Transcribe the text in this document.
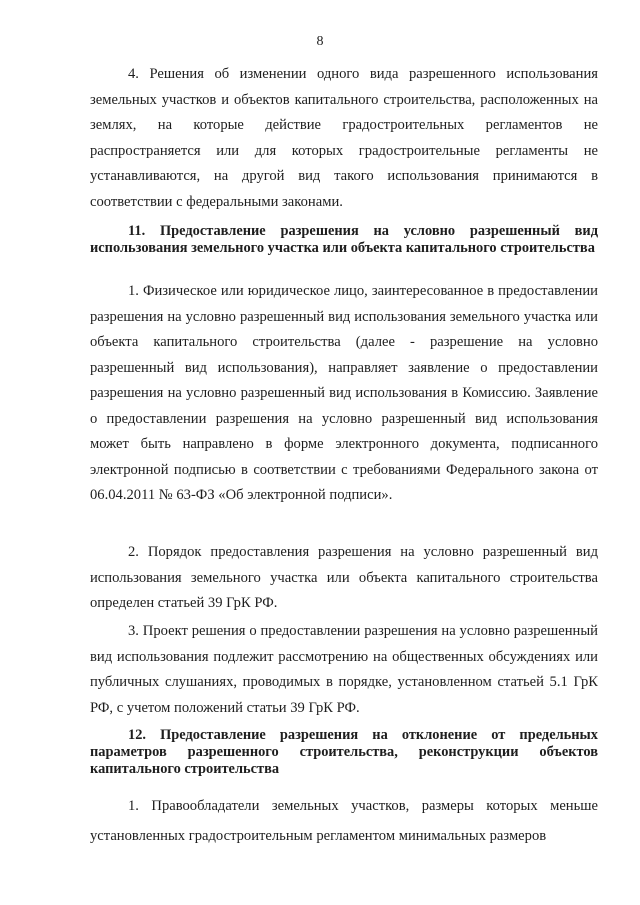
8

4. Решения об изменении одного вида разрешенного использования земельных участков и объектов капитального строительства, расположенных на землях, на которые действие градостроительных регламентов не распространяется или для которых градостроительные регламенты не устанавливаются, на другой вид такого использования принимаются в соответствии с федеральными законами.

11. Предоставление разрешения на условно разрешенный вид использования земельного участка или объекта капитального строительства

1. Физическое или юридическое лицо, заинтересованное в предоставлении разрешения на условно разрешенный вид использования земельного участка или объекта капитального строительства (далее - разрешение на условно разрешенный вид использования), направляет заявление о предоставлении разрешения на условно разрешенный вид использования в Комиссию. Заявление о предоставлении разрешения на условно разрешенный вид использования может быть направлено в форме электронного документа, подписанного электронной подписью в соответствии с требованиями Федерального закона от 06.04.2011 № 63-ФЗ «Об электронной подписи».

2. Порядок предоставления разрешения на условно разрешенный вид использования земельного участка или объекта капитального строительства определен статьей 39 ГрК РФ.

3. Проект решения о предоставлении разрешения на условно разрешенный вид использования подлежит рассмотрению на общественных обсуждениях или публичных слушаниях, проводимых в порядке, установленном статьей 5.1 ГрК РФ, с учетом положений статьи 39 ГрК РФ.

12. Предоставление разрешения на отклонение от предельных параметров разрешенного строительства, реконструкции объектов капитального строительства

1. Правообладатели земельных участков, размеры которых меньше установленных градостроительным регламентом минимальных размеров
